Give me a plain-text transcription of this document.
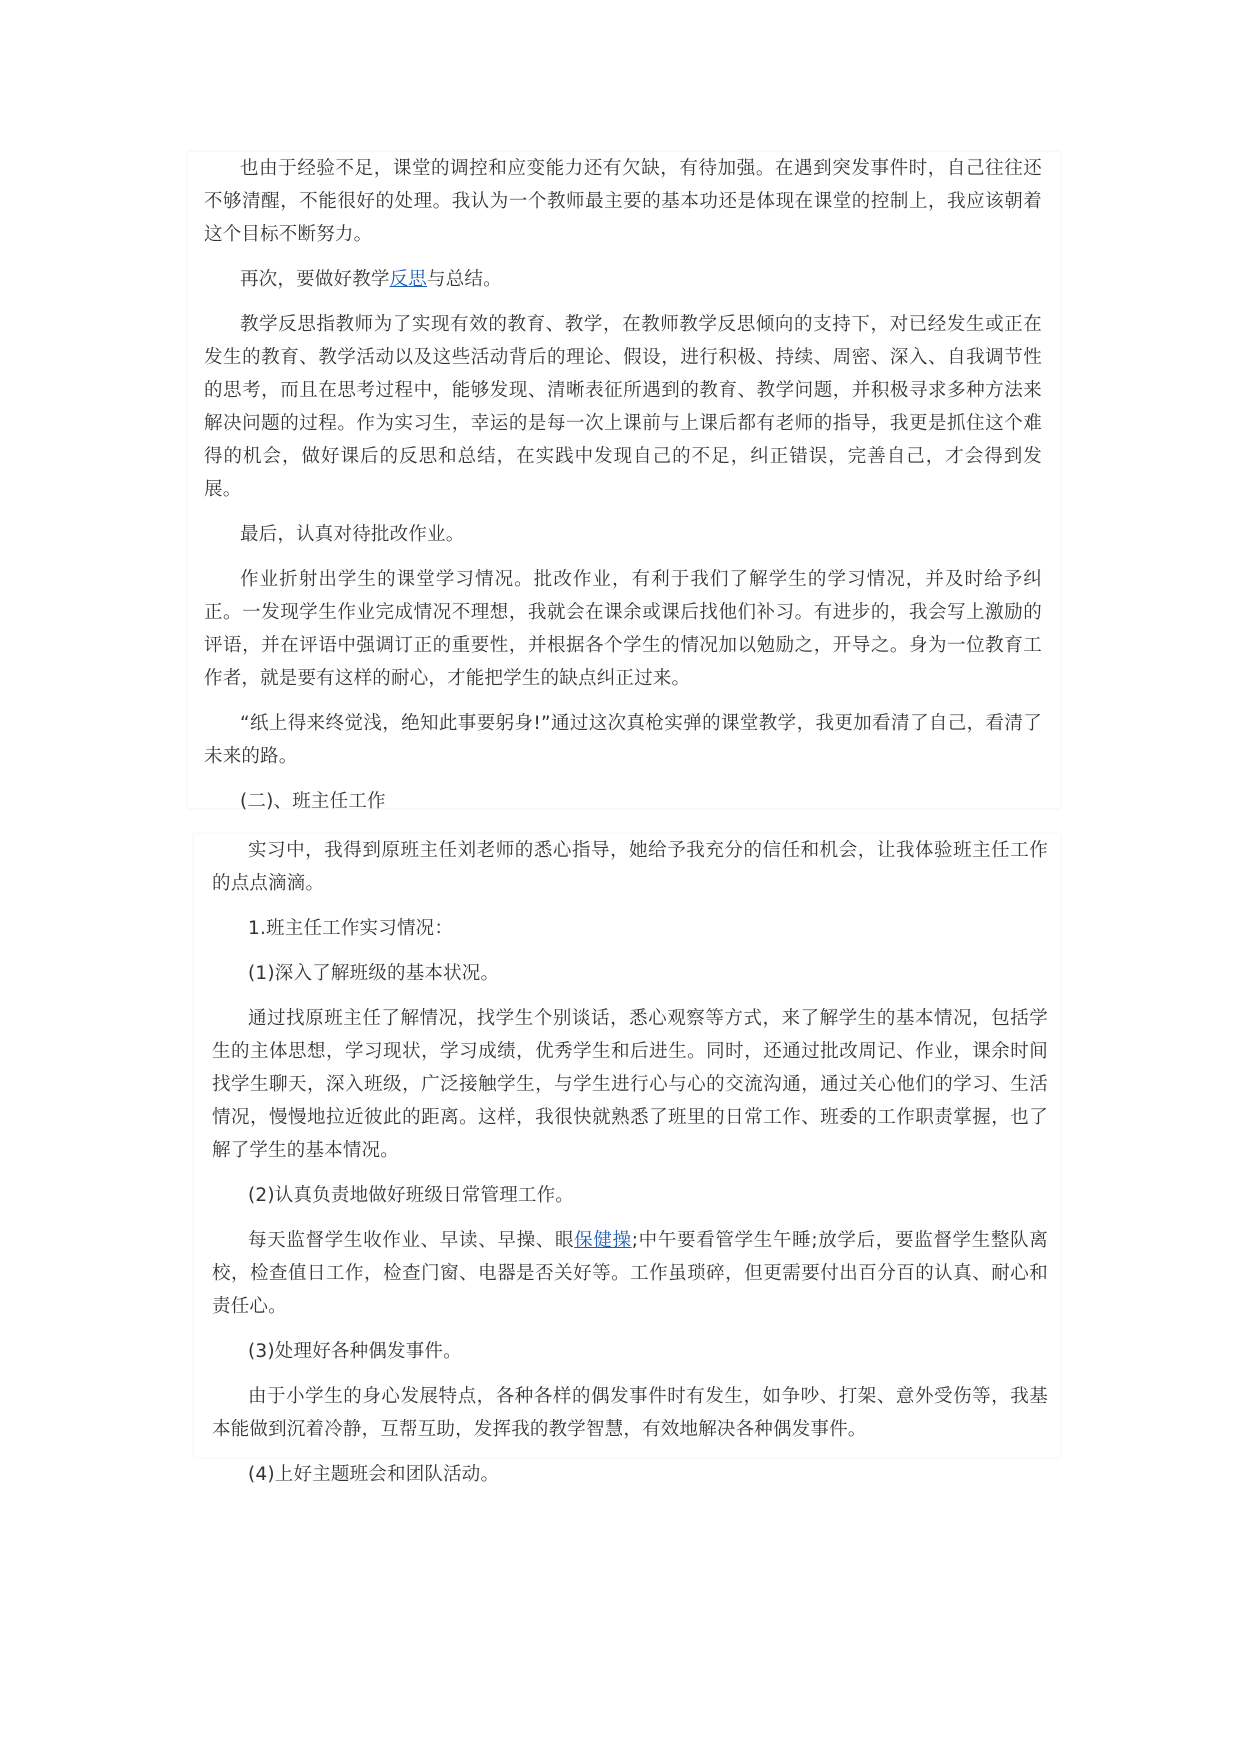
也由于经验不足，课堂的调控和应变能力还有欠缺，有待加强。在遇到突发事件时，自己往往还不够清醒，不能很好的处理。我认为一个教师最主要的基本功还是体现在课堂的控制上，我应该朝着这个目标不断努力。

再次，要做好教学反思与总结。

教学反思指教师为了实现有效的教育、教学，在教师教学反思倾向的支持下，对已经发生或正在发生的教育、教学活动以及这些活动背后的理论、假设，进行积极、持续、周密、深入、自我调节性的思考，而且在思考过程中，能够发现、清晰表征所遇到的教育、教学问题，并积极寻求多种方法来解决问题的过程。作为实习生，幸运的是每一次上课前与上课后都有老师的指导，我更是抓住这个难得的机会，做好课后的反思和总结，在实践中发现自己的不足，纠正错误，完善自己，才会得到发展。

最后，认真对待批改作业。

作业折射出学生的课堂学习情况。批改作业，有利于我们了解学生的学习情况，并及时给予纠正。一发现学生作业完成情况不理想，我就会在课余或课后找他们补习。有进步的，我会写上激励的评语，并在评语中强调订正的重要性，并根据各个学生的情况加以勉励之，开导之。身为一位教育工作者，就是要有这样的耐心，才能把学生的缺点纠正过来。

“纸上得来终觉浅，绝知此事要躬身!”通过这次真枪实弹的课堂教学，我更加看清了自己，看清了未来的路。

(二)、班主任工作

实习中，我得到原班主任刘老师的悉心指导，她给予我充分的信任和机会，让我体验班主任工作的点点滴滴。

1.班主任工作实习情况：

(1)深入了解班级的基本状况。

通过找原班主任了解情况，找学生个别谈话，悉心观察等方式，来了解学生的基本情况，包括学生的主体思想，学习现状，学习成绩，优秀学生和后进生。同时，还通过批改周记、作业，课余时间找学生聊天，深入班级，广泛接触学生，与学生进行心与心的交流沟通，通过关心他们的学习、生活情况，慢慢地拉近彼此的距离。这样，我很快就熟悉了班里的日常工作、班委的工作职责掌握，也了解了学生的基本情况。

(2)认真负责地做好班级日常管理工作。

每天监督学生收作业、早读、早操、眼保健操;中午要看管学生午睡;放学后，要监督学生整队离校，检查值日工作，检查门窗、电器是否关好等。工作虽琐碎，但更需要付出百分百的认真、耐心和责任心。

(3)处理好各种偶发事件。

由于小学生的身心发展特点，各种各样的偶发事件时有发生，如争吵、打架、意外受伤等，我基本能做到沉着冷静，互帮互助，发挥我的教学智慧，有效地解决各种偶发事件。

(4)上好主题班会和团队活动。
